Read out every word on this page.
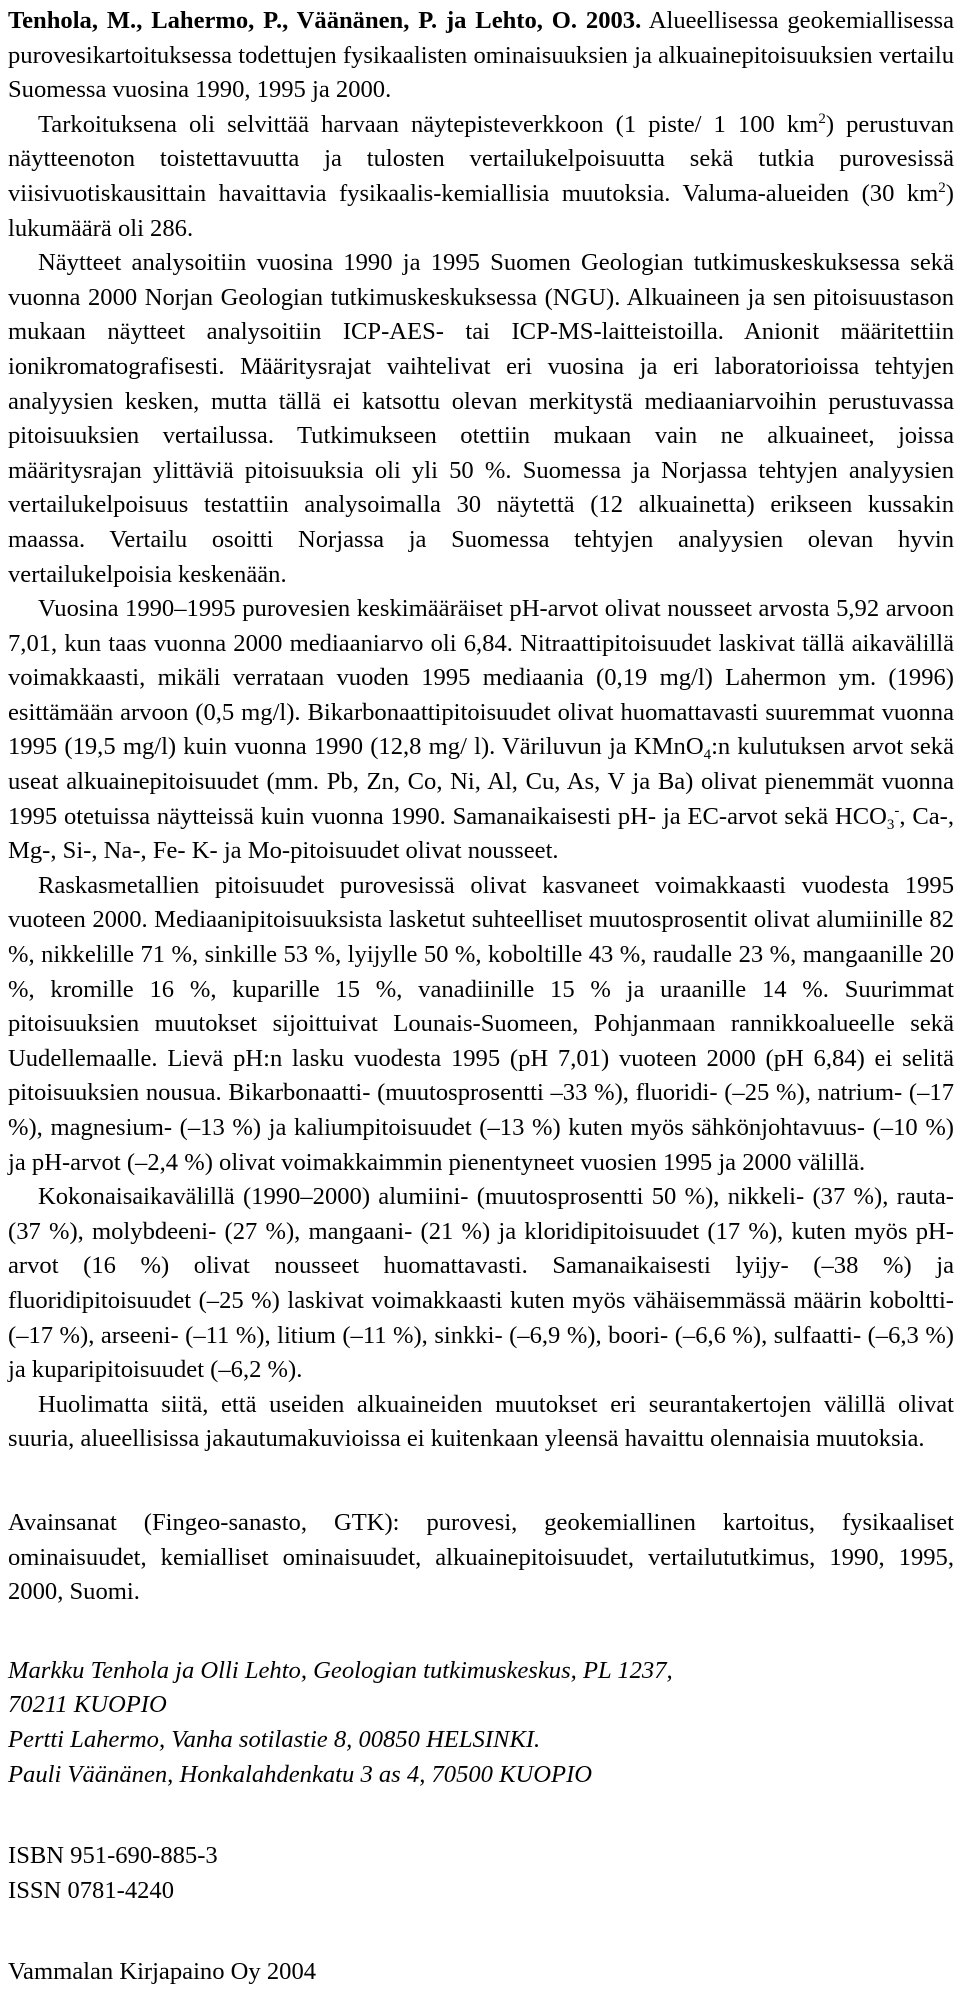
Tenhola, M., Lahermo, P., Väänänen, P. ja Lehto, O. 2003. Alueellisessa geokemiallisessa purovesikartoituksessa todettujen fysikaalisten ominaisuuksien ja alkuainepitoisuuksien vertailu Suomessa vuosina 1990, 1995 ja 2000.

Tarkoituksena oli selvittää harvaan näytepisteverkkoon (1 piste/ 1 100 $km^2$) perustuvan näytteenoton toistettavuutta ja tulosten vertailukelpoisuutta sekä tutkia purovesissä viisivuotiskausittain havaittavia fysikaalis-kemiallisia muutoksia. Valuma-alueiden (30 $km^2$) lukumäärä oli 286.

Näytteet analysoitiin vuosina 1990 ja 1995 Suomen Geologian tutkimuskeskuksessa sekä vuonna 2000 Norjan Geologian tutkimuskeskuksessa (NGU). Alkuaineen ja sen pitoisuustason mukaan näytteet analysoitiin ICP-AES- tai ICP-MS-laitteistoilla. Anionit määritettiin ionikromatografisesti. Määritysrajat vaihtelivat eri vuosina ja eri laboratorioissa tehtyjen analyysien kesken, mutta tällä ei katsottu olevan merkitystä mediaaniarvoihin perustuvassa pitoisuuksien vertailussa. Tutkimukseen otettiin mukaan vain ne alkuaineet, joissa määritysrajan ylittäviä pitoisuuksia oli yli 50 %. Suomessa ja Norjassa tehtyjen analyysien vertailukelpoisuus testattiin analysoimalla 30 näytettä (12 alkuainetta) erikseen kussakin maassa. Vertailu osoitti Norjassa ja Suomessa tehtyjen analyysien olevan hyvin vertailukelpoisia keskenään.

Vuosina 1990–1995 purovesien keskimääräiset pH-arvot olivat nousseet arvosta 5,92 arvoon 7,01, kun taas vuonna 2000 mediaaniarvo oli 6,84. Nitraattipitoisuudet laskivat tällä aikavälillä voimakkaasti, mikäli verrataan vuoden 1995 mediaania (0,19 mg/l) Lahermon ym. (1996) esittämään arvoon (0,5 mg/l). Bikarbonaattipitoisuudet olivat huomattavasti suuremmat vuonna 1995 (19,5 mg/l) kuin vuonna 1990 (12,8 mg/ l). Väriluvun ja KMnO$_4$:n kulutuksen arvot sekä useat alkuainepitoisuudet (mm. Pb, Zn, Co, Ni, Al, Cu, As, V ja Ba) olivat pienemmät vuonna 1995 otetuissa näytteissä kuin vuonna 1990. Samanaikaisesti pH- ja EC-arvot sekä $HCO_3^-$, Ca-, Mg-, Si-, Na-, Fe- K- ja Mo-pitoisuudet olivat nousseet.

Raskasmetallien pitoisuudet purovesissä olivat kasvaneet voimakkaasti vuodesta 1995 vuoteen 2000. Mediaanipitoisuuksista lasketut suhteelliset muutosprosentit olivat alumiinille 82 %, nikkelille 71 %, sinkille 53 %, lyijylle 50 %, koboltille 43 %, raudalle 23 %, mangaanille 20 %, kromille 16 %, kuparille 15 %, vanadiinille 15 % ja uraanille 14 %. Suurimmat pitoisuuksien muutokset sijoittuivat Lounais-Suomeen, Pohjanmaan rannikkoalueelle sekä Uudellemaalle. Lievä pH:n lasku vuodesta 1995 (pH 7,01) vuoteen 2000 (pH 6,84) ei selitä pitoisuuksien nousua. Bikarbonaatti- (muutosprosentti –33 %), fluoridi- (–25 %), natrium- (–17 %), magnesium- (–13 %) ja kaliumpitoisuudet (–13 %) kuten myös sähkönjohtavuus- (–10 %) ja pH-arvot (–2,4 %) olivat voimakkaimmin pienentyneet vuosien 1995 ja 2000 välillä.

Kokonaisaikavälillä (1990–2000) alumiini- (muutosprosentti 50 %), nikkeli- (37 %), rauta- (37 %), molybdeeni- (27 %), mangaani- (21 %) ja kloridipitoisuudet (17 %), kuten myös pH-arvot (16 %) olivat nousseet huomattavasti. Samanaikaisesti lyijy- (–38 %) ja fluoridipitoisuudet (–25 %) laskivat voimakkaasti kuten myös vähäisemmässä määrin koboltti- (–17 %), arseeni- (–11 %), litium (–11 %), sinkki- (–6,9 %), boori- (–6,6 %), sulfaatti- (–6,3 %) ja kuparipitoisuudet (–6,2 %).

Huolimatta siitä, että useiden alkuaineiden muutokset eri seurantakertojen välillä olivat suuria, alueellisissa jakautumakuvioissa ei kuitenkaan yleensä havaittu olennaisia muutoksia.

Avainsanat (Fingeo-sanasto, GTK): purovesi, geokemiallinen kartoitus, fysikaaliset ominaisuudet, kemialliset ominaisuudet, alkuainepitoisuudet, vertailututkimus, 1990, 1995, 2000, Suomi.

Markku Tenhola ja Olli Lehto, Geologian tutkimuskeskus, PL 1237,
70211 KUOPIO
Pertti Lahermo, Vanha sotilastie 8, 00850 HELSINKI.
Pauli Väänänen, Honkalahdenkatu 3 as 4, 70500 KUOPIO
ISBN 951-690-885-3
ISSN 0781-4240
Vammalan Kirjapaino Oy 2004
